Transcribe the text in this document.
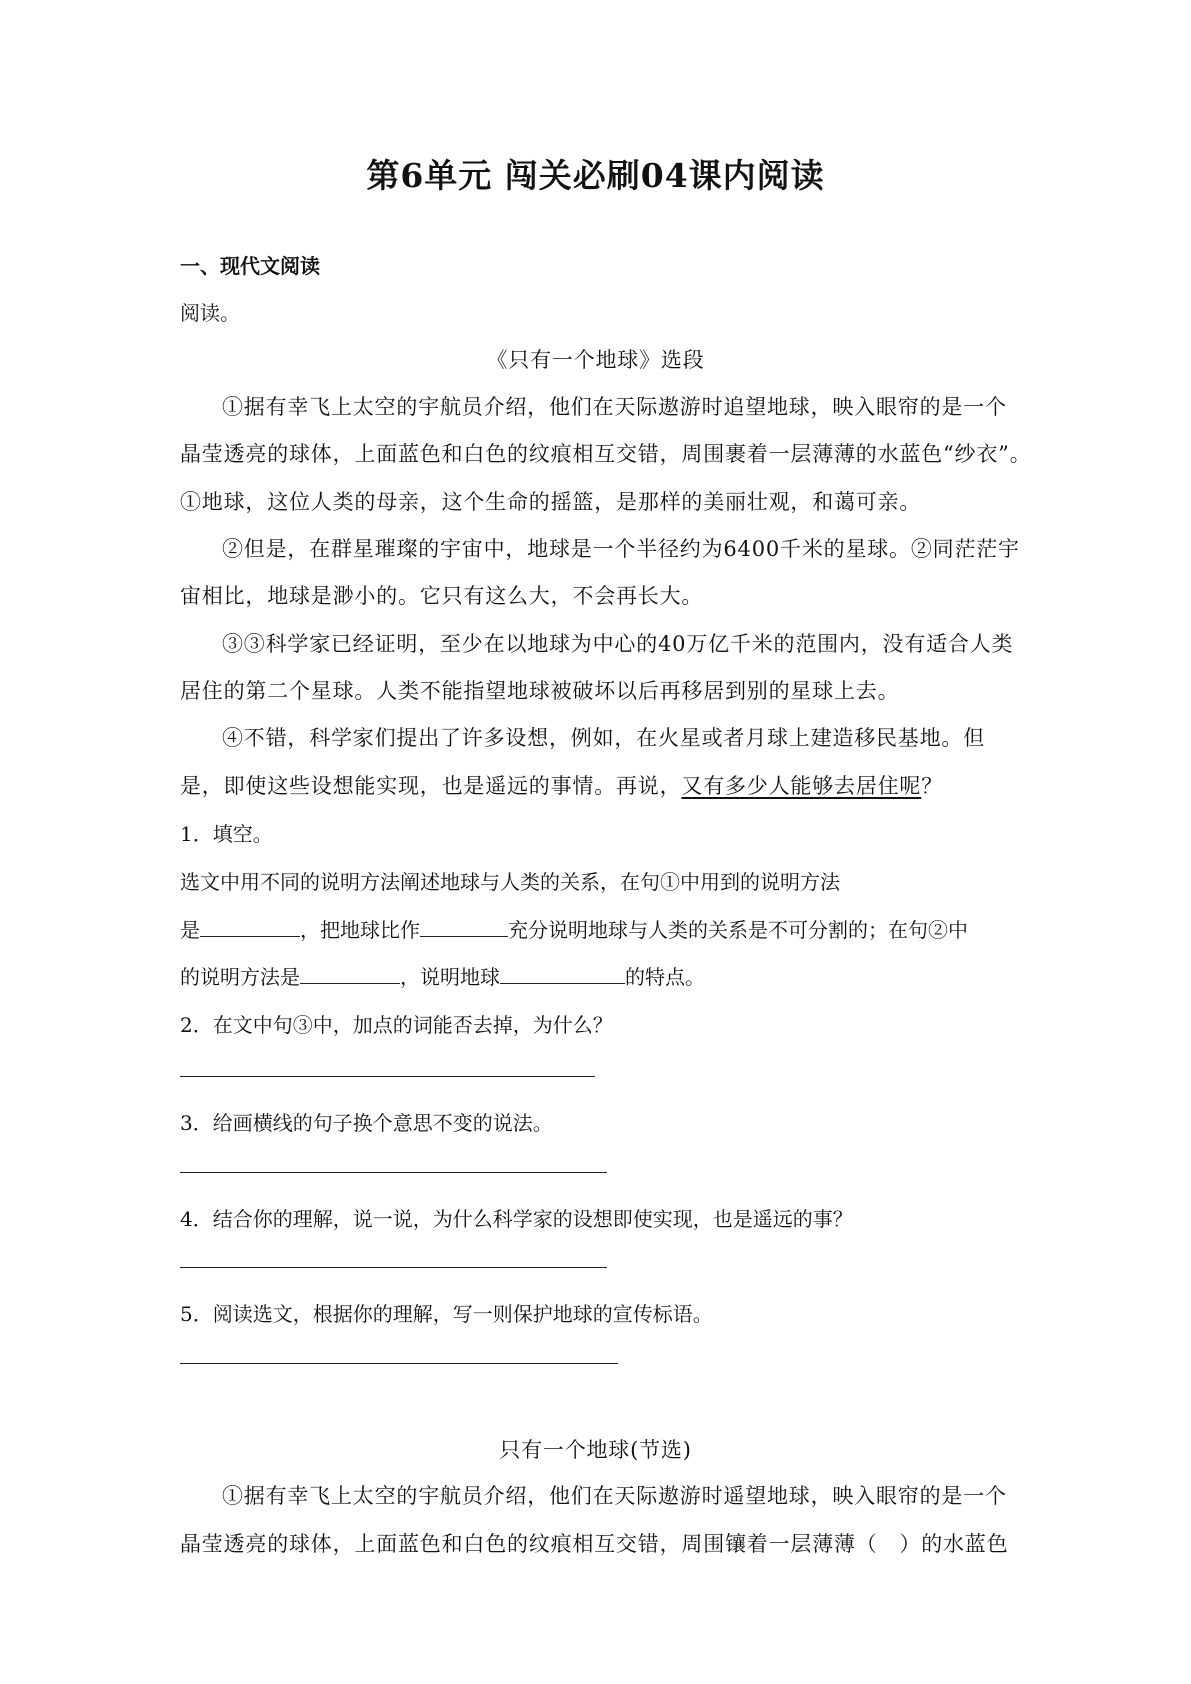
第6单元 闯关必刷04课内阅读
一、现代文阅读
阅读。
《只有一个地球》选段
①据有幸飞上太空的宇航员介绍，他们在天际遨游时追望地球，映入眼帘的是一个
晶莹透亮的球体，上面蓝色和白色的纹痕相互交错，周围裹着一层薄薄的水蓝色“纱衣”。
①地球，这位人类的母亲，这个生命的摇篮，是那样的美丽壮观，和蔼可亲。
②但是，在群星璀璨的宇宙中，地球是一个半径约为6400千米的星球。②同茫茫宇
宙相比，地球是渺小的。它只有这么大，不会再长大。
③③科学家已经证明，至少在以地球为中心的40万亿千米的范围内，没有适合人类
居住的第二个星球。人类不能指望地球被破坏以后再移居到别的星球上去。
④不错，科学家们提出了许多设想，例如，在火星或者月球上建造移民基地。但
是，即使这些设想能实现，也是遥远的事情。再说，又有多少人能够去居住呢？
1．填空。
选文中用不同的说明方法阐述地球与人类的关系，在句①中用到的说明方法
是	，把地球比作	充分说明地球与人类的关系是不可分割的；在句②中
的说明方法是	，说明地球	的特点。
2．在文中句③中，加点的词能否去掉，为什么？
3．给画横线的句子换个意思不变的说法。
4．结合你的理解，说一说，为什么科学家的设想即使实现，也是遥远的事？
5．阅读选文，根据你的理解，写一则保护地球的宣传标语。
只有一个地球(节选)
①据有幸飞上太空的宇航员介绍，他们在天际遨游时遥望地球，映入眼帘的是一个
晶莹透亮的球体，上面蓝色和白色的纹痕相互交错，周围镶着一层薄薄（　）的水蓝色
